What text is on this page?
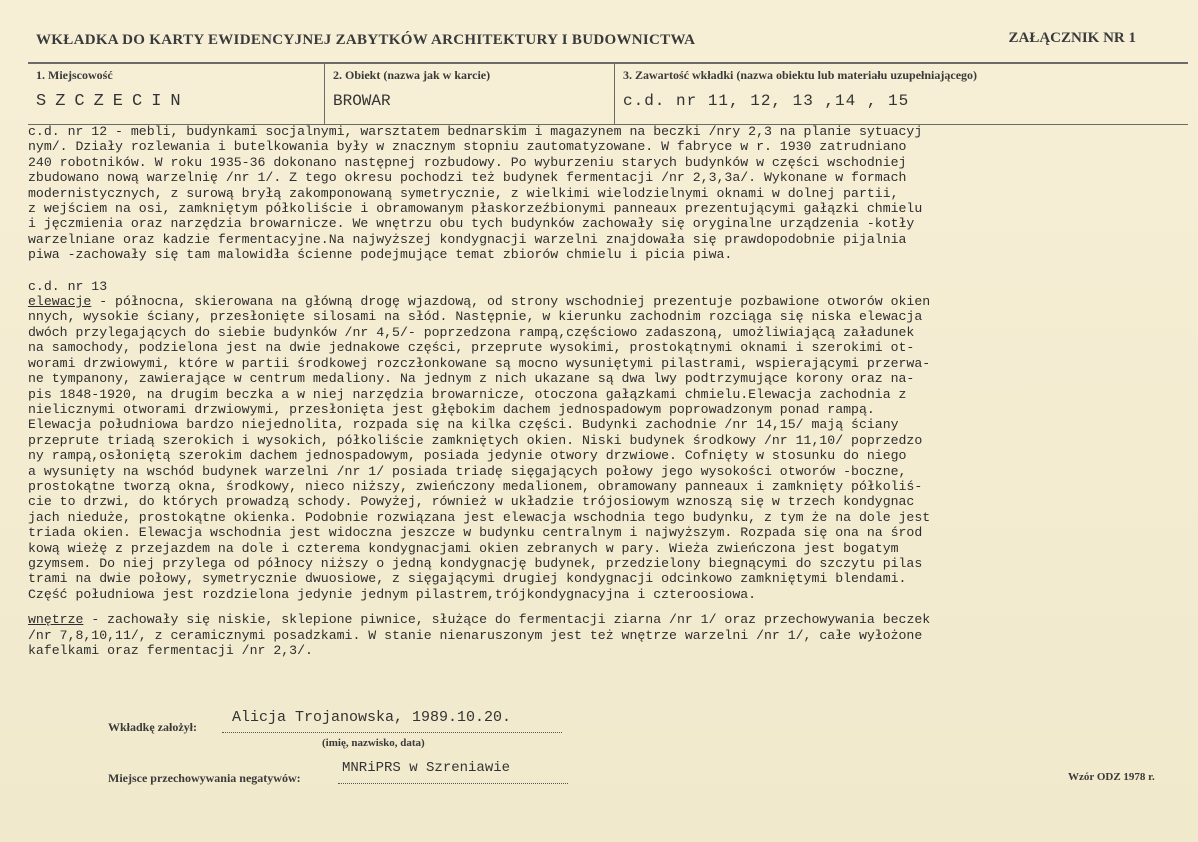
WKŁADKA DO KARTY EWIDENCYJNEJ ZABYTKÓW ARCHITEKTURY I BUDOWNICTWA	ZAŁĄCZNIK NR 1
1. Miejscowość
SZCZECIN
2. Obiekt (nazwa jak w karcie)
BROWAR
3. Zawartość wkładki (nazwa obiektu lub materiału uzupełniającego)
c.d. nr 11, 12, 13 ,14 , 15
c.d. nr 12 - mebli, budynkami socjalnymi, warsztatem bednarskim i magazynem na beczki /nry 2,3 na planie sytuacyj
nym/. Działy rozlewania i butelkowania były w znacznym stopniu zautomatyzowane. W fabryce w r. 1930 zatrudniano
240 robotników. W roku 1935-36 dokonano następnej rozbudowy. Po wyburzeniu starych budynków w części wschodniej
zbudowano nową warzelnię /nr 1/. Z tego okresu pochodzi też budynek fermentacji /nr 2,3,3a/. Wykonane w formach
modernistycznych, z surową bryłą zakomponowaną symetrycznie, z wielkimi wielodzielnymi oknami w dolnej partii,
z wejściem na osi, zamkniętym półkoliście i obramowanym płaskorzeźbionymi panneaux prezentującymi gałązki chmielu
i jęczmienia oraz narzędzia browarnicze. We wnętrzu obu tych budynków zachowały się oryginalne urządzenia -kotły
warzelniane oraz kadzie fermentacyjne.Na najwyższej kondygnacji warzelni znajdowała się prawdopodobnie pijalnia
piwa -zachowały się tam malowidła ścienne podejmujące temat zbiorów chmielu i picia piwa.
c.d. nr 13
elewacje - północna, skierowana na główną drogę wjazdową, od strony wschodniej prezentuje pozbawione otworów okien
nnych, wysokie ściany, przesłonięte silosami na słód. Następnie, w kierunku zachodnim rozciąga się niska elewacja
dwóch przylegających do siebie budynków /nr 4,5/- poprzedzona rampą,częściowo zadaszoną, umożliwiającą załadunek
na samochody, podzielona jest na dwie jednakowe części, przeprute wysokimi, prostokątnymi oknami i szerokimi ot-
worami drzwiowymi, które w partii środkowej rozczłonkowane są mocno wysuniętymi pilastrami, wspierającymi przerwa-
ne tympanony, zawierające w centrum medaliony. Na jednym z nich ukazane są dwa lwy podtrzymujące korony oraz na-
pis 1848-1920, na drugim beczka a w niej narzędzia browarnicze, otoczona gałązkami chmielu.Elewacja zachodnia z
nielicznymi otworami drzwiowymi, przesłonięta jest głębokim dachem jednospadowym poprowadzonym ponad rampą.
Elewacja południowa bardzo niejednolita, rozpada się na kilka części. Budynki zachodnie /nr 14,15/ mają ściany
przeprute triadą szerokich i wysokich, półkoliście zamkniętych okien. Niski budynek środkowy /nr 11,10/ poprzedzo
ny rampą,osłoniętą szerokim dachem jednospadowym, posiada jedynie otwory drzwiowe. Cofnięty w stosunku do niego
a wysunięty na wschód budynek warzelni /nr 1/ posiada triadę sięgających połowy jego wysokości otworów -boczne,
prostokątne tworzą okna, środkowy, nieco niższy, zwieńczony medalionem, obramowany panneaux i zamknięty półkoliś-
cie to drzwi, do których prowadzą schody. Powyżej, również w układzie trójosiowym wznoszą się w trzech kondygnac
jach nieduże, prostokątne okienka. Podobnie rozwiązana jest elewacja wschodnia tego budynku, z tym że na dole jest
triada okien. Elewacja wschodnia jest widoczna jeszcze w budynku centralnym i najwyższym. Rozpada się ona na środ
kową wieżę z przejazdem na dole i czterema kondygnacjami okien zebranych w pary. Wieża zwieńczona jest bogatym
gzymsem. Do niej przylega od północy niższy o jedną kondygnację budynek, przedzielony biegnącymi do szczytu pilas
trami na dwie połowy, symetrycznie dwuosiowe, z sięgającymi drugiej kondygnacji odcinkowo zamkniętymi blendami.
Część południowa jest rozdzielona jedynie jednym pilastrem,trójkondygnacyjna i czteroosiowa.
wnętrze - zachowały się niskie, sklepione piwnice, służące do fermentacji ziarna /nr 1/ oraz przechowywania beczek
/nr 7,8,10,11/, z ceramicznymi posadzkami. W stanie nienaruszonym jest też wnętrze warzelni /nr 1/, całe wyłożone
kafelkami oraz fermentacji /nr 2,3/.
Wkładkę założył:
Alicja Trojanowska, 1989.10.20.
(imię, nazwisko, data)
Miejsce przechowywania negatywów:
MNRiPRS w Szreniawie
Wzór ODZ 1978 r.
